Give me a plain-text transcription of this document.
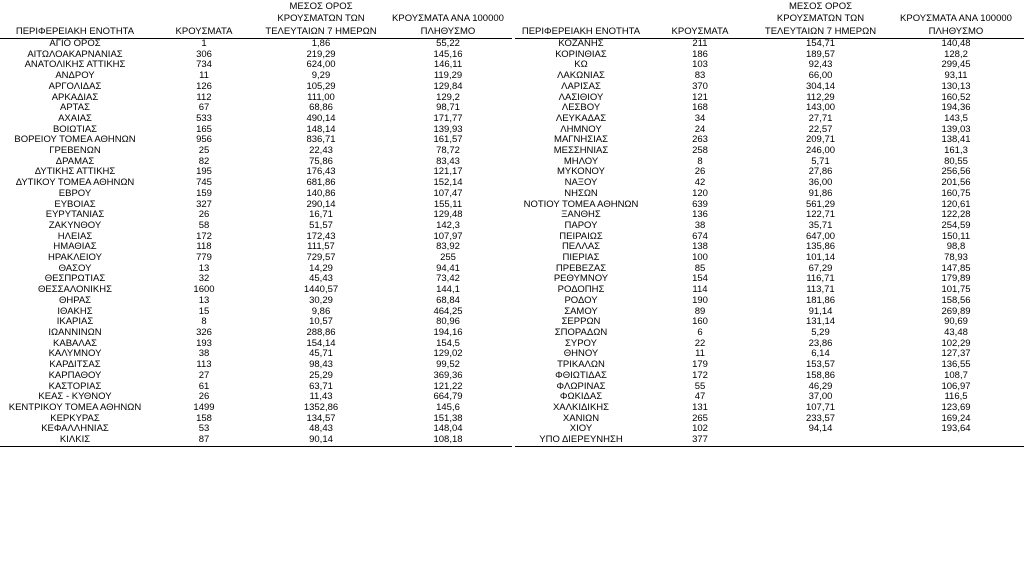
ΠΕΡΙΦΕΡΕΙΑΚΗ ΕΝΟΤΗΤΑ	ΚΡΟΥΣΜΑΤΑ	ΜΕΣΟΣ ΟΡΟΣ
ΚΡΟΥΣΜΑΤΩΝ ΤΩΝ
ΤΕΛΕΥΤΑΙΩΝ 7 ΗΜΕΡΩΝ	ΚΡΟΥΣΜΑΤΑ ΑΝΑ 100000
ΠΛΗΘΥΣΜΟ

ΑΓΙΟ ΟΡΟΣ	1	1,86	55,22
ΑΙΤΩΛΟΑΚΑΡΝΑΝΙΑΣ	306	219,29	145,16
ΑΝΑΤΟΛΙΚΗΣ ΑΤΤΙΚΗΣ	734	624,00	146,11
ΑΝΔΡΟΥ	11	9,29	119,29
ΑΡΓΟΛΙΔΑΣ	126	105,29	129,84
ΑΡΚΑΔΙΑΣ	112	111,00	129,2
ΑΡΤΑΣ	67	68,86	98,71
ΑΧΑΪΑΣ	533	490,14	171,77
ΒΟΙΩΤΙΑΣ	165	148,14	139,93
ΒΟΡΕΙΟΥ ΤΟΜΕΑ ΑΘΗΝΩΝ	956	836,71	161,57
ΓΡΕΒΕΝΩΝ	25	22,43	78,72
ΔΡΑΜΑΣ	82	75,86	83,43
ΔΥΤΙΚΗΣ ΑΤΤΙΚΗΣ	195	176,43	121,17
ΔΥΤΙΚΟΥ ΤΟΜΕΑ ΑΘΗΝΩΝ	745	681,86	152,14
ΕΒΡΟΥ	159	140,86	107,47
ΕΥΒΟΙΑΣ	327	290,14	155,11
ΕΥΡΥΤΑΝΙΑΣ	26	16,71	129,48
ΖΑΚΥΝΘΟΥ	58	51,57	142,3
ΗΛΕΙΑΣ	172	172,43	107,97
ΗΜΑΘΙΑΣ	118	111,57	83,92
ΗΡΑΚΛΕΙΟΥ	779	729,57	255
ΘΑΣΟΥ	13	14,29	94,41
ΘΕΣΠΡΩΤΙΑΣ	32	45,43	73,42
ΘΕΣΣΑΛΟΝΙΚΗΣ	1600	1440,57	144,1
ΘΗΡΑΣ	13	30,29	68,84
ΙΘΑΚΗΣ	15	9,86	464,25
ΙΚΑΡΙΑΣ	8	10,57	80,96
ΙΩΑΝΝΙΝΩΝ	326	288,86	194,16
ΚΑΒΑΛΑΣ	193	154,14	154,5
ΚΑΛΥΜΝΟΥ	38	45,71	129,02
ΚΑΡΔΙΤΣΑΣ	113	98,43	99,52
ΚΑΡΠΑΘΟΥ	27	25,29	369,36
ΚΑΣΤΟΡΙΑΣ	61	63,71	121,22
ΚΕΑΣ - ΚΥΘΝΟΥ	26	11,43	664,79
ΚΕΝΤΡΙΚΟΥ ΤΟΜΕΑ ΑΘΗΝΩΝ	1499	1352,86	145,6
ΚΕΡΚΥΡΑΣ	158	134,57	151,38
ΚΕΦΑΛΛΗΝΙΑΣ	53	48,43	148,04
ΚΙΛΚΙΣ	87	90,14	108,18
ΠΕΡΙΦΕΡΕΙΑΚΗ ΕΝΟΤΗΤΑ	ΚΡΟΥΣΜΑΤΑ	ΜΕΣΟΣ ΟΡΟΣ
ΚΡΟΥΣΜΑΤΩΝ ΤΩΝ
ΤΕΛΕΥΤΑΙΩΝ 7 ΗΜΕΡΩΝ	ΚΡΟΥΣΜΑΤΑ ΑΝΑ 100000
ΠΛΗΘΥΣΜΟ

ΚΟΖΑΝΗΣ	211	154,71	140,48
ΚΟΡΙΝΘΙΑΣ	186	189,57	128,2
ΚΩ	103	92,43	299,45
ΛΑΚΩΝΙΑΣ	83	66,00	93,11
ΛΑΡΙΣΑΣ	370	304,14	130,13
ΛΑΣΙΘΙΟΥ	121	112,29	160,52
ΛΕΣΒΟΥ	168	143,00	194,36
ΛΕΥΚΑΔΑΣ	34	27,71	143,5
ΛΗΜΝΟΥ	24	22,57	139,03
ΜΑΓΝΗΣΙΑΣ	263	209,71	138,41
ΜΕΣΣΗΝΙΑΣ	258	246,00	161,3
ΜΗΛΟΥ	8	5,71	80,55
ΜΥΚΟΝΟΥ	26	27,86	256,56
ΝΑΞΟΥ	42	36,00	201,56
ΝΗΣΩΝ	120	91,86	160,75
ΝΟΤΙΟΥ ΤΟΜΕΑ ΑΘΗΝΩΝ	639	561,29	120,61
ΞΑΝΘΗΣ	136	122,71	122,28
ΠΑΡΟΥ	38	35,71	254,59
ΠΕΙΡΑΙΩΣ	674	647,00	150,11
ΠΕΛΛΑΣ	138	135,86	98,8
ΠΙΕΡΙΑΣ	100	101,14	78,93
ΠΡΕΒΕΖΑΣ	85	67,29	147,85
ΡΕΘΥΜΝΟΥ	154	116,71	179,89
ΡΟΔΟΠΗΣ	114	113,71	101,75
ΡΟΔΟΥ	190	181,86	158,56
ΣΑΜΟΥ	89	91,14	269,89
ΣΕΡΡΩΝ	160	131,14	90,69
ΣΠΟΡΑΔΩΝ	6	5,29	43,48
ΣΥΡΟΥ	22	23,86	102,29
ΘΗΝΟΥ	11	6,14	127,37
ΤΡΙΚΑΛΩΝ	179	153,57	136,55
ΦΘΙΩΤΙΔΑΣ	172	158,86	108,7
ΦΛΩΡΙΝΑΣ	55	46,29	106,97
ΦΩΚΙΔΑΣ	47	37,00	116,5
ΧΑΛΚΙΔΙΚΗΣ	131	107,71	123,69
ΧΑΝΙΩΝ	265	233,57	169,24
ΧΙΟΥ	102	94,14	193,64
ΥΠΟ ΔΙΕΡΕΥΝΗΣΗ	377		
